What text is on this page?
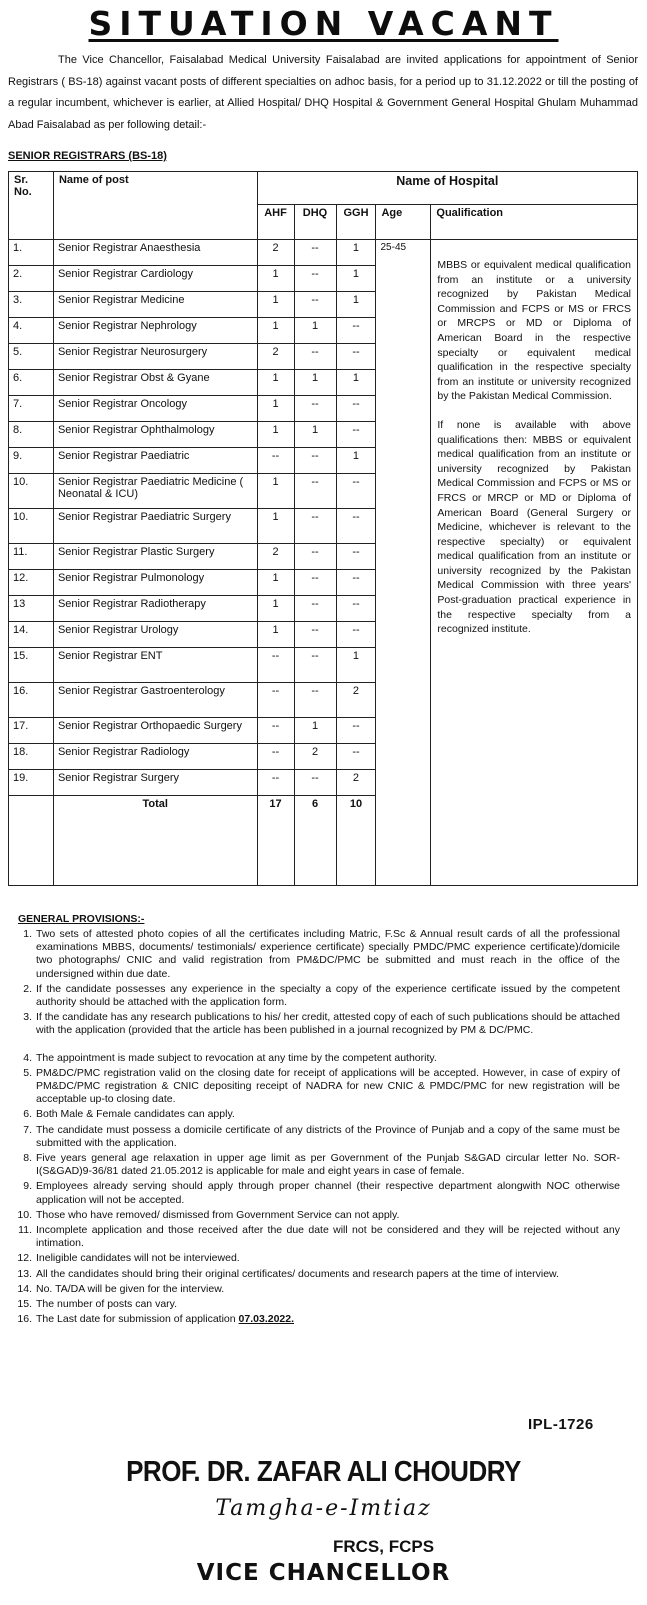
SITUATION VACANT
The Vice Chancellor, Faisalabad Medical University Faisalabad are invited applications for appointment of Senior Registrars ( BS-18) against vacant posts of different specialties on adhoc basis, for a period up to 31.12.2022 or till the posting of a regular incumbent, whichever is earlier, at Allied Hospital/ DHQ Hospital & Government General Hospital Ghulam Muhammad Abad Faisalabad as per following detail:-
SENIOR REGISTRARS (BS-18)
Sr. No.	Name of post	Name of Hospital				
		AHF	DHQ	GGH	Age	Qualification
1.	Senior Registrar Anaesthesia	2	--	1	25-45	MBBS or equivalent medical qualification from an institute or a university recognized by Pakistan Medical Commission and FCPS or MS or FRCS or MRCPS or MD or Diploma of American Board in the respective specialty or equivalent medical qualification in the respective specialty from an institute or university recognized by the Pakistan Medical Commission.

If none is available with above qualifications then: MBBS or equivalent medical qualification from an institute or university recognized by Pakistan Medical Commission and FCPS or MS or FRCS or MRCP or MD or Diploma of American Board (General Surgery or Medicine, whichever is relevant to the respective specialty) or equivalent medical qualification from an institute or university recognized by the Pakistan Medical Commission with three years' Post-graduation practical experience in the respective specialty from a recognized institute.

2.	Senior Registrar Cardiology	1	--	1		
3.	Senior Registrar Medicine	1	--	1		
4.	Senior Registrar Nephrology	1	1	--		
5.	Senior Registrar Neurosurgery	2	--	--		
6.	Senior Registrar Obst & Gyane	1	1	1		
7.	Senior Registrar Oncology	1	--	--		
8.	Senior Registrar Ophthalmology	1	1	--		
9.	Senior Registrar Paediatric	--	--	1		
10.	Senior Registrar Paediatric Medicine ( Neonatal & ICU)	1	--	--		
10.	Senior Registrar Paediatric Surgery	1	--	--		
11.	Senior Registrar Plastic Surgery	2	--	--		
12.	Senior Registrar Pulmonology	1	--	--		
13	Senior Registrar Radiotherapy	1	--	--		
14.	Senior Registrar Urology	1	--	--		
15.	Senior Registrar ENT	--	--	1		
16.	Senior Registrar Gastroenterology	--	--	2		
17.	Senior Registrar Orthopaedic Surgery	--	1	--		
18.	Senior Registrar Radiology	--	2	--		
19.	Senior Registrar Surgery	--	--	2		
	Total	17	6	10		
GENERAL PROVISIONS:-
1. Two sets of attested photo copies of all the certificates including Matric, F.Sc & Annual result cards of all the professional examinations MBBS, documents/ testimonials/ experience certificate) specially PMDC/PMC experience certificate)/domicile two photographs/ CNIC and valid registration from PM&DC/PMC be submitted and must reach in the office of the undersigned within due date.
2. If the candidate possesses any experience in the specialty a copy of the experience certificate issued by the competent authority should be attached with the application form.
3. If the candidate has any research publications to his/ her credit, attested copy of each of such publications should be attached with the application (provided that the article has been published in a journal recognized by PM & DC/PMC.
4. The appointment is made subject to revocation at any time by the competent authority.
5. PM&DC/PMC registration valid on the closing date for receipt of applications will be accepted. However, in case of expiry of PM&DC/PMC registration & CNIC depositing receipt of NADRA for new CNIC & PMDC/PMC for new registration will be acceptable up-to closing date.
6. Both Male & Female candidates can apply.
7. The candidate must possess a domicile certificate of any districts of the Province of Punjab and a copy of the same must be submitted with the application.
8. Five years general age relaxation in upper age limit as per Government of the Punjab S&GAD circular letter No. SOR-I(S&GAD)9-36/81 dated 21.05.2012 is applicable for male and eight years in case of female.
9. Employees already serving should apply through proper channel (their respective department alongwith NOC otherwise application will not be accepted.
10. Those who have removed/ dismissed from Government Service can not apply.
11. Incomplete application and those received after the due date will not be considered and they will be rejected without any intimation.
12. Ineligible candidates will not be interviewed.
13. All the candidates should bring their original certificates/ documents and research papers at the time of interview.
14. No. TA/DA will be given for the interview.
15. The number of posts can vary.
16. The Last date for submission of application 07.03.2022.
IPL-1726
PROF. DR. ZAFAR ALI CHOUDRY
Tamgha-e-Imtiaz
FRCS, FCPS
VICE CHANCELLOR
